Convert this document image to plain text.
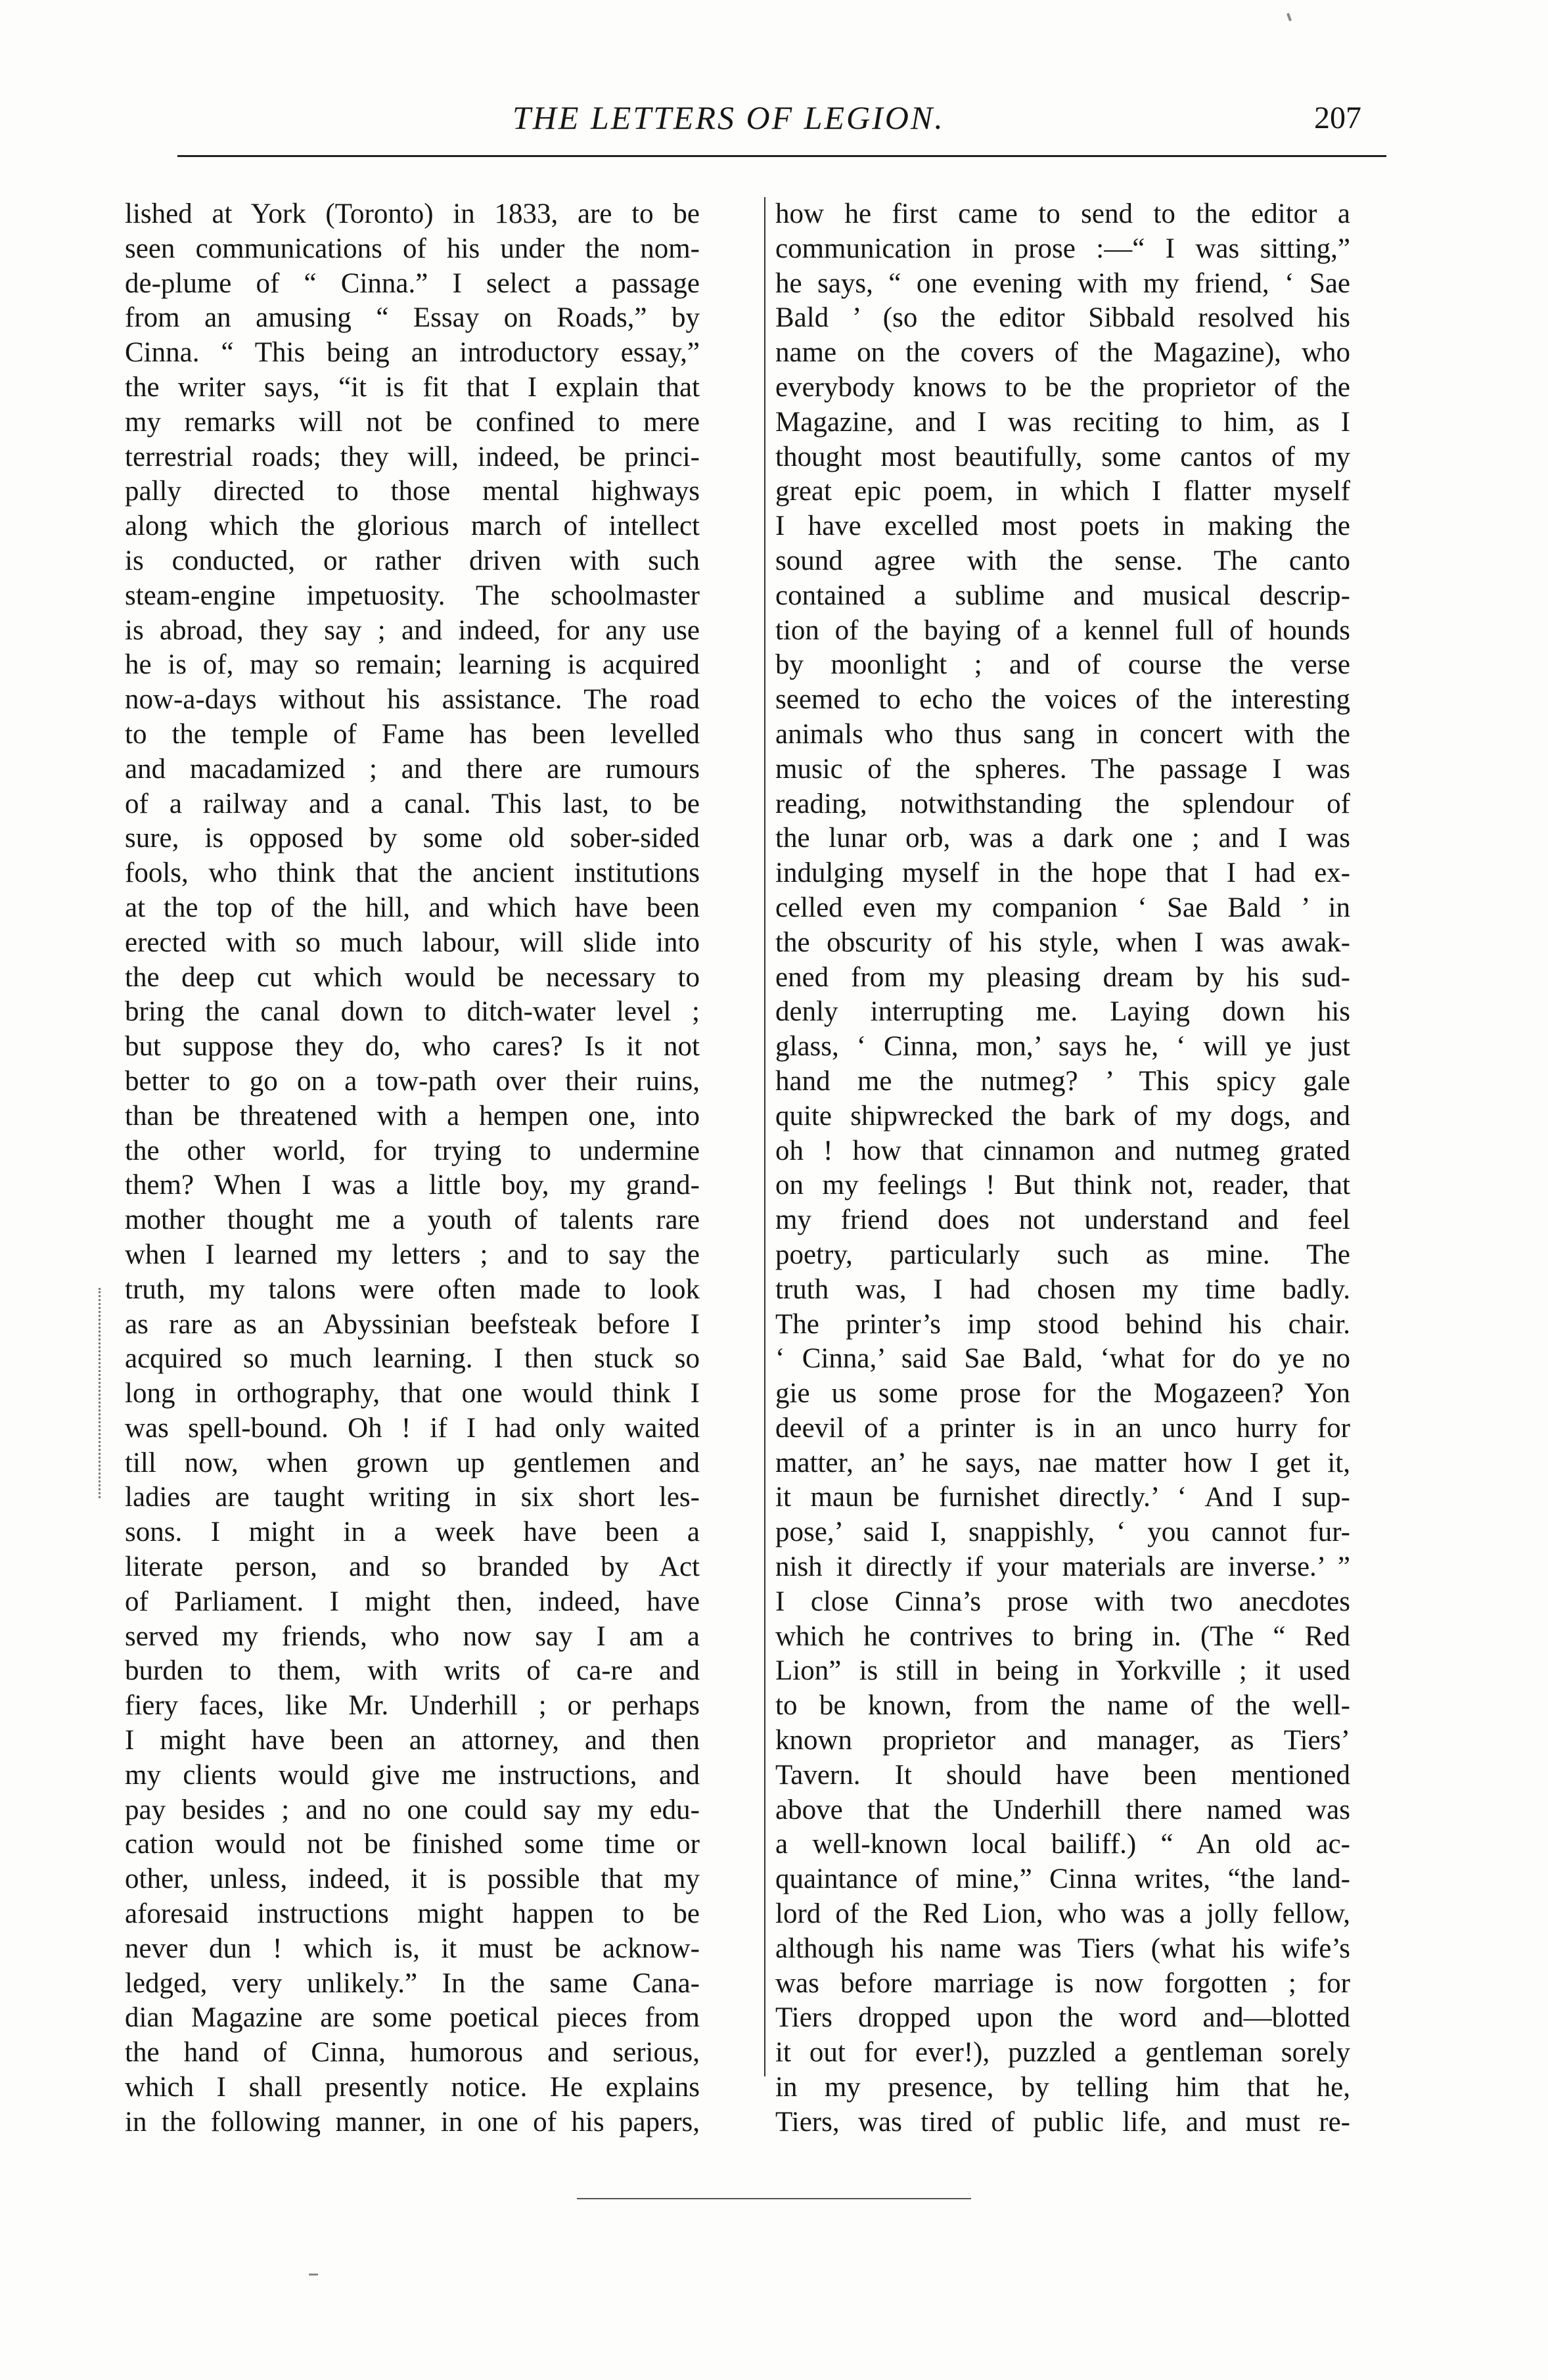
THE LETTERS OF LEGION.	207

lished at York (Toronto) in 1833, are to be
seen communications of his under the nom-
de-plume of “ Cinna.” I select a passage
from an amusing “ Essay on Roads,” by
Cinna. “ This being an introductory essay,”
the writer says, “it is fit that I explain that
my remarks will not be confined to mere
terrestrial roads; they will, indeed, be princi-
pally directed to those mental highways
along which the glorious march of intellect
is conducted, or rather driven with such
steam-engine impetuosity. The schoolmaster
is abroad, they say ; and indeed, for any use
he is of, may so remain; learning is acquired
now-a-days without his assistance. The road
to the temple of Fame has been levelled
and macadamized ; and there are rumours
of a railway and a canal. This last, to be
sure, is opposed by some old sober-sided
fools, who think that the ancient institutions
at the top of the hill, and which have been
erected with so much labour, will slide into
the deep cut which would be necessary to
bring the canal down to ditch-water level ;
but suppose they do, who cares? Is it not
better to go on a tow-path over their ruins,
than be threatened with a hempen one, into
the other world, for trying to undermine
them? When I was a little boy, my grand-
mother thought me a youth of talents rare
when I learned my letters ; and to say the
truth, my talons were often made to look
as rare as an Abyssinian beefsteak before I
acquired so much learning. I then stuck so
long in orthography, that one would think I
was spell-bound. Oh ! if I had only waited
till now, when grown up gentlemen and
ladies are taught writing in six short les-
sons. I might in a week have been a
literate person, and so branded by Act
of Parliament. I might then, indeed, have
served my friends, who now say I am a
burden to them, with writs of ca-re and
fiery faces, like Mr. Underhill ; or perhaps
I might have been an attorney, and then
my clients would give me instructions, and
pay besides ; and no one could say my edu-
cation would not be finished some time or
other, unless, indeed, it is possible that my
aforesaid instructions might happen to be
never dun ! which is, it must be acknow-
ledged, very unlikely.” In the same Cana-
dian Magazine are some poetical pieces from
the hand of Cinna, humorous and serious,
which I shall presently notice. He explains
in the following manner, in one of his papers,
how he first came to send to the editor a
communication in prose :—“ I was sitting,”
he says, “ one evening with my friend, ‘ Sae
Bald ’ (so the editor Sibbald resolved his
name on the covers of the Magazine), who
everybody knows to be the proprietor of the
Magazine, and I was reciting to him, as I
thought most beautifully, some cantos of my
great epic poem, in which I flatter myself
I have excelled most poets in making the
sound agree with the sense. The canto
contained a sublime and musical descrip-
tion of the baying of a kennel full of hounds
by moonlight ; and of course the verse
seemed to echo the voices of the interesting
animals who thus sang in concert with the
music of the spheres. The passage I was
reading, notwithstanding the splendour of
the lunar orb, was a dark one ; and I was
indulging myself in the hope that I had ex-
celled even my companion ‘ Sae Bald ’ in
the obscurity of his style, when I was awak-
ened from my pleasing dream by his sud-
denly interrupting me. Laying down his
glass, ‘ Cinna, mon,’ says he, ‘ will ye just
hand me the nutmeg? ’ This spicy gale
quite shipwrecked the bark of my dogs, and
oh ! how that cinnamon and nutmeg grated
on my feelings ! But think not, reader, that
my friend does not understand and feel
poetry, particularly such as mine. The
truth was, I had chosen my time badly.
The printer’s imp stood behind his chair.
‘ Cinna,’ said Sae Bald, ‘what for do ye no
gie us some prose for the Mogazeen? Yon
deevil of a printer is in an unco hurry for
matter, an’ he says, nae matter how I get it,
it maun be furnishet directly.’ ‘ And I sup-
pose,’ said I, snappishly, ‘ you cannot fur-
nish it directly if your materials are inverse.’ ”
I close Cinna’s prose with two anecdotes
which he contrives to bring in. (The “ Red
Lion” is still in being in Yorkville ; it used
to be known, from the name of the well-
known proprietor and manager, as Tiers’
Tavern. It should have been mentioned
above that the Underhill there named was
a well-known local bailiff.) “ An old ac-
quaintance of mine,” Cinna writes, “the land-
lord of the Red Lion, who was a jolly fellow,
although his name was Tiers (what his wife’s
was before marriage is now forgotten ; for
Tiers dropped upon the word and—blotted
it out for ever!), puzzled a gentleman sorely
in my presence, by telling him that he,
Tiers, was tired of public life, and must re-
